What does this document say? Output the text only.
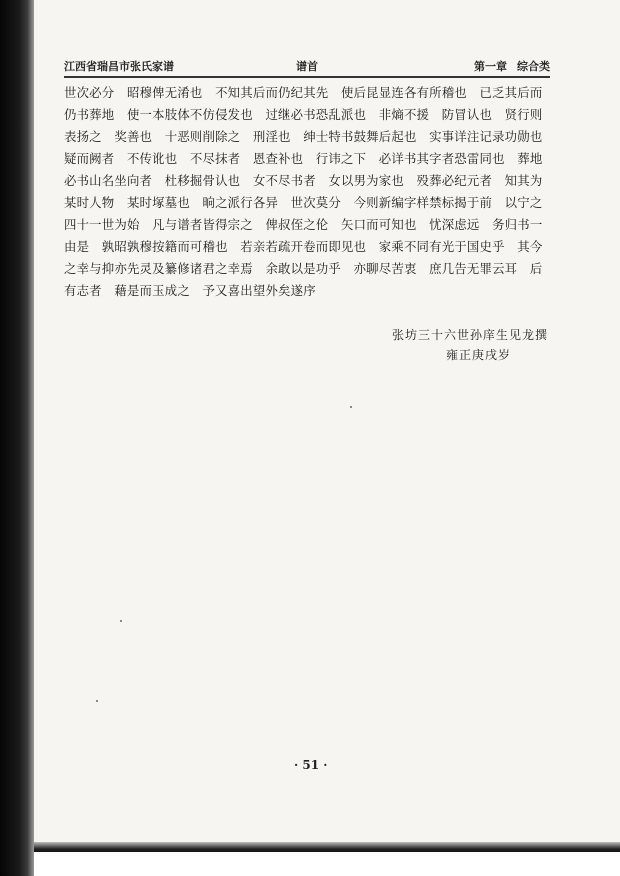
江西省瑞昌市张氏家谱	谱首	第一章 综合类

世次必分　昭穆俾无淆也　不知其后而仍纪其先　使后昆显连各有所稽也　已乏其后而

仍书葬地　使一本肢体不仿侵发也　过继必书恐乱派也　非熵不援　防冒认也　贤行则

表扬之　奖善也　十恶则削除之　刑淫也　绅士特书鼓舞后起也　实事详注记录功勋也

疑而阙者　不传讹也　不尽抹者　恩查补也　行讳之下　必详书其字者恐雷同也　葬地

必书山名坐向者　杜移掘骨认也　女不尽书者　女以男为家也　殁葬必纪元者　知其为

某时人物　某时塚墓也　晌之派行各异　世次莫分　今则新编字样禁标揭于前　以宁之

四十一世为始　凡与谱者皆得宗之　俾叔侄之伦　矢口而可知也　忧深虑远　务归书一

由是　孰昭孰穆按籍而可稽也　若亲若疏开卷而即见也　家乘不同有光于国史乎　其今

之幸与抑亦先灵及纂修诸君之幸焉　余敢以是功乎　亦聊尽苦衷　庶几告无罪云耳　后

有志者　藉是而玉成之　予又喜出望外矣遂序

张坊三十六世孙庠生见龙撰
雍正庚戌岁
· 51 ·
